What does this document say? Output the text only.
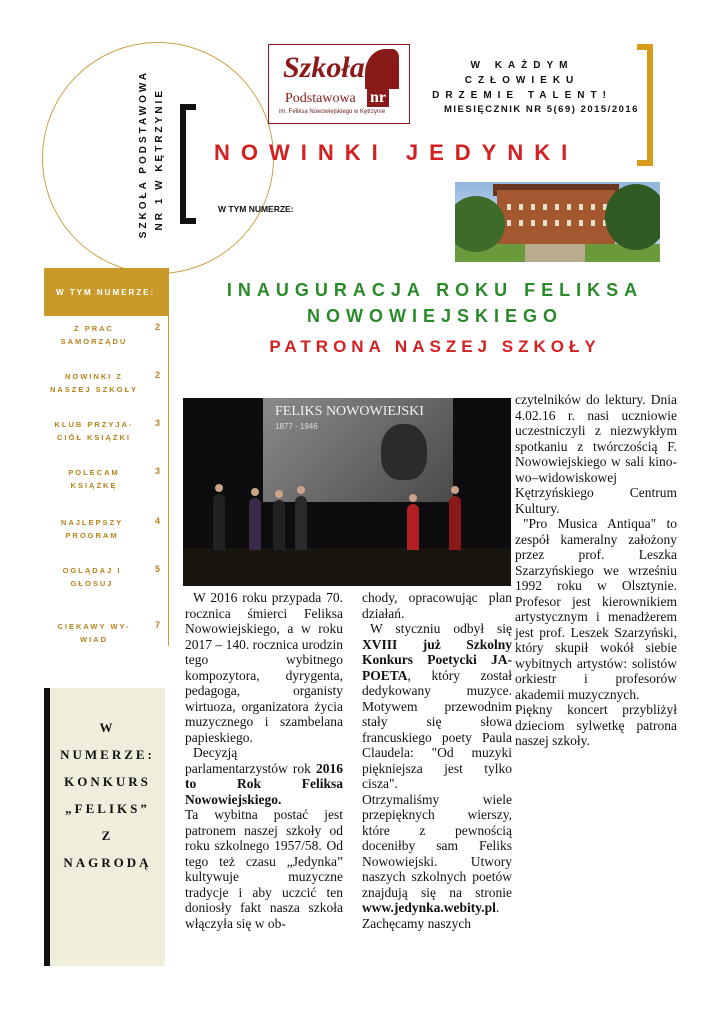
SZKOŁA PODSTAWOWA NR 1 W KĘTRZYNIE
Szkoła
Podstawowa nr
im. Feliksa Nowowiejskiego w Kętrzynie
W KAŻDYM CZŁOWIEKU
DRZEMIE TALENT!
MIESIĘCZNIK NR 5(69) 2015/2016
NOWINKI JEDYNKI
W TYM NUMERZE:
W TYM NUMERZE:
Z PRAC SAMORZĄDU
2
NOWINKI Z NASZEJ SZKOŁY
2
KLUB PRZYJA-CIÓŁ KSIĄŻKI
3
POLECAM KSIĄŻKĘ
3
NAJLEPSZY PROGRAM
4
OGLĄDAJ I GŁOSUJ
5
CIEKAWY WY-WIAD
7
W
NUMERZE:
KONKURS
„FELIKS”
Z
NAGRODĄ
INAUGURACJA ROKU FELIKSA
NOWOWIEJSKIEGO
PATRONA NASZEJ SZKOŁY
FELIKS NOWOWIEJSKI
1877 - 1946

W 2016 roku przypada 70. rocznica śmierci Feliksa Nowowiejskiego, a w roku 2017 – 140. rocznica urodzin tego wybitnego kompozytora, dyrygenta, pedagoga, organisty wirtuoza, organizatora życia muzycznego i szambelana papieskiego.

Decyzją parlamentarzystów rok 2016 to Rok Feliksa Nowowiejskiego.

Ta wybitna postać jest patronem naszej szkoły od roku szkolnego 1957/58. Od tego też czasu „Jedynka” kultywuje muzyczne tradycje i aby uczcić ten doniosły fakt nasza szkoła włączyła się w ob-

chody, opracowując plan działań.

W styczniu odbył się XVIII już Szkolny Konkurs Poetycki JA-POETA, który został dedykowany muzyce. Motywem przewodnim stały się słowa francuskiego poety Paula Claudela: "Od muzyki piękniejsza jest tylko cisza".

Otrzymaliśmy wiele przepięknych wierszy, które z pewnością doceniłby sam Feliks Nowowiejski. Utwory naszych szkolnych poetów znajdują się na stronie www.jedynka.webity.pl. Zachęcamy naszych

czytelników do lektury. Dnia 4.02.16 r. nasi uczniowie uczestniczyli z niezwykłym spotkaniu z twórczością F. Nowowiejskiego w sali kino-wo–widowiskowej Kętrzyńskiego Centrum Kultury.

"Pro Musica Antiqua" to zespół kameralny założony przez prof. Leszka Szarzyńskiego we wrześniu 1992 roku w Olsztynie. Profesor jest kierownikiem artystycznym i menadżerem jest prof. Leszek Szarzyński, który skupił wokół siebie wybitnych artystów: solistów orkiestr i profesorów akademii muzycznych.

Piękny koncert przybliżył dzieciom sylwetkę patrona naszej szkoły.
